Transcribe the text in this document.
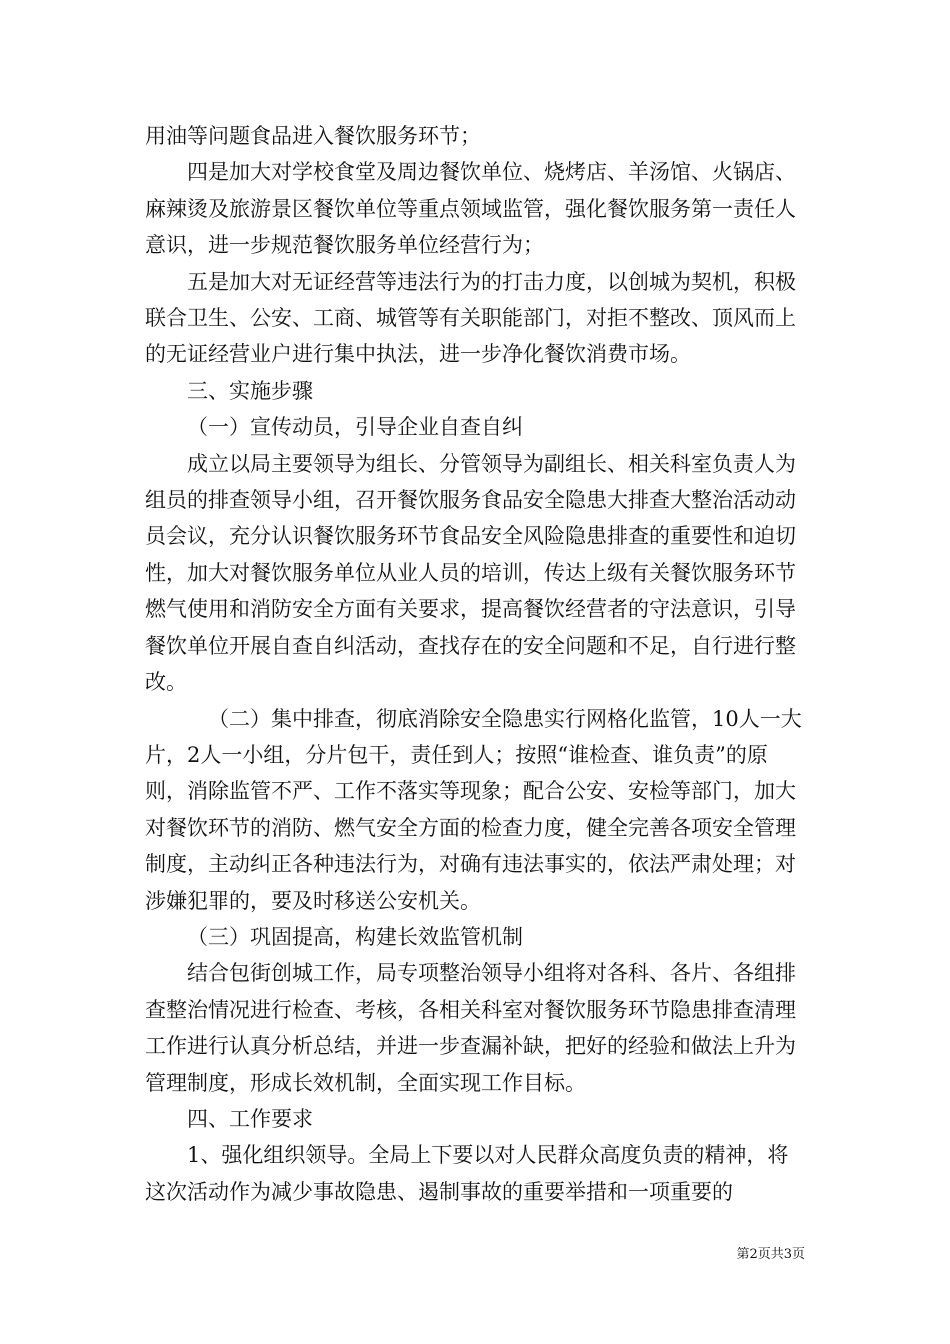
用油等问题食品进入餐饮服务环节；

四是加大对学校食堂及周边餐饮单位、烧烤店、羊汤馆、火锅店、麻辣烫及旅游景区餐饮单位等重点领域监管，强化餐饮服务第一责任人意识，进一步规范餐饮服务单位经营行为；

五是加大对无证经营等违法行为的打击力度，以创城为契机，积极联合卫生、公安、工商、城管等有关职能部门，对拒不整改、顶风而上的无证经营业户进行集中执法，进一步净化餐饮消费市场。

三、实施步骤

（一）宣传动员，引导企业自查自纠

成立以局主要领导为组长、分管领导为副组长、相关科室负责人为组员的排查领导小组，召开餐饮服务食品安全隐患大排查大整治活动动员会议，充分认识餐饮服务环节食品安全风险隐患排查的重要性和迫切性，加大对餐饮服务单位从业人员的培训，传达上级有关餐饮服务环节燃气使用和消防安全方面有关要求，提高餐饮经营者的守法意识，引导餐饮单位开展自查自纠活动，查找存在的安全问题和不足，自行进行整改。

（二）集中排查，彻底消除安全隐患实行网格化监管，10人一大片，2人一小组，分片包干，责任到人；按照“谁检查、谁负责”的原则，消除监管不严、工作不落实等现象；配合公安、安检等部门，加大对餐饮环节的消防、燃气安全方面的检查力度，健全完善各项安全管理制度，主动纠正各种违法行为，对确有违法事实的，依法严肃处理；对涉嫌犯罪的，要及时移送公安机关。

（三）巩固提高，构建长效监管机制

结合包街创城工作，局专项整治领导小组将对各科、各片、各组排查整治情况进行检查、考核，各相关科室对餐饮服务环节隐患排查清理工作进行认真分析总结，并进一步查漏补缺，把好的经验和做法上升为管理制度，形成长效机制，全面实现工作目标。

四、工作要求

1、强化组织领导。全局上下要以对人民群众高度负责的精神，将这次活动作为减少事故隐患、遏制事故的重要举措和一项重要的

第2页共3页
